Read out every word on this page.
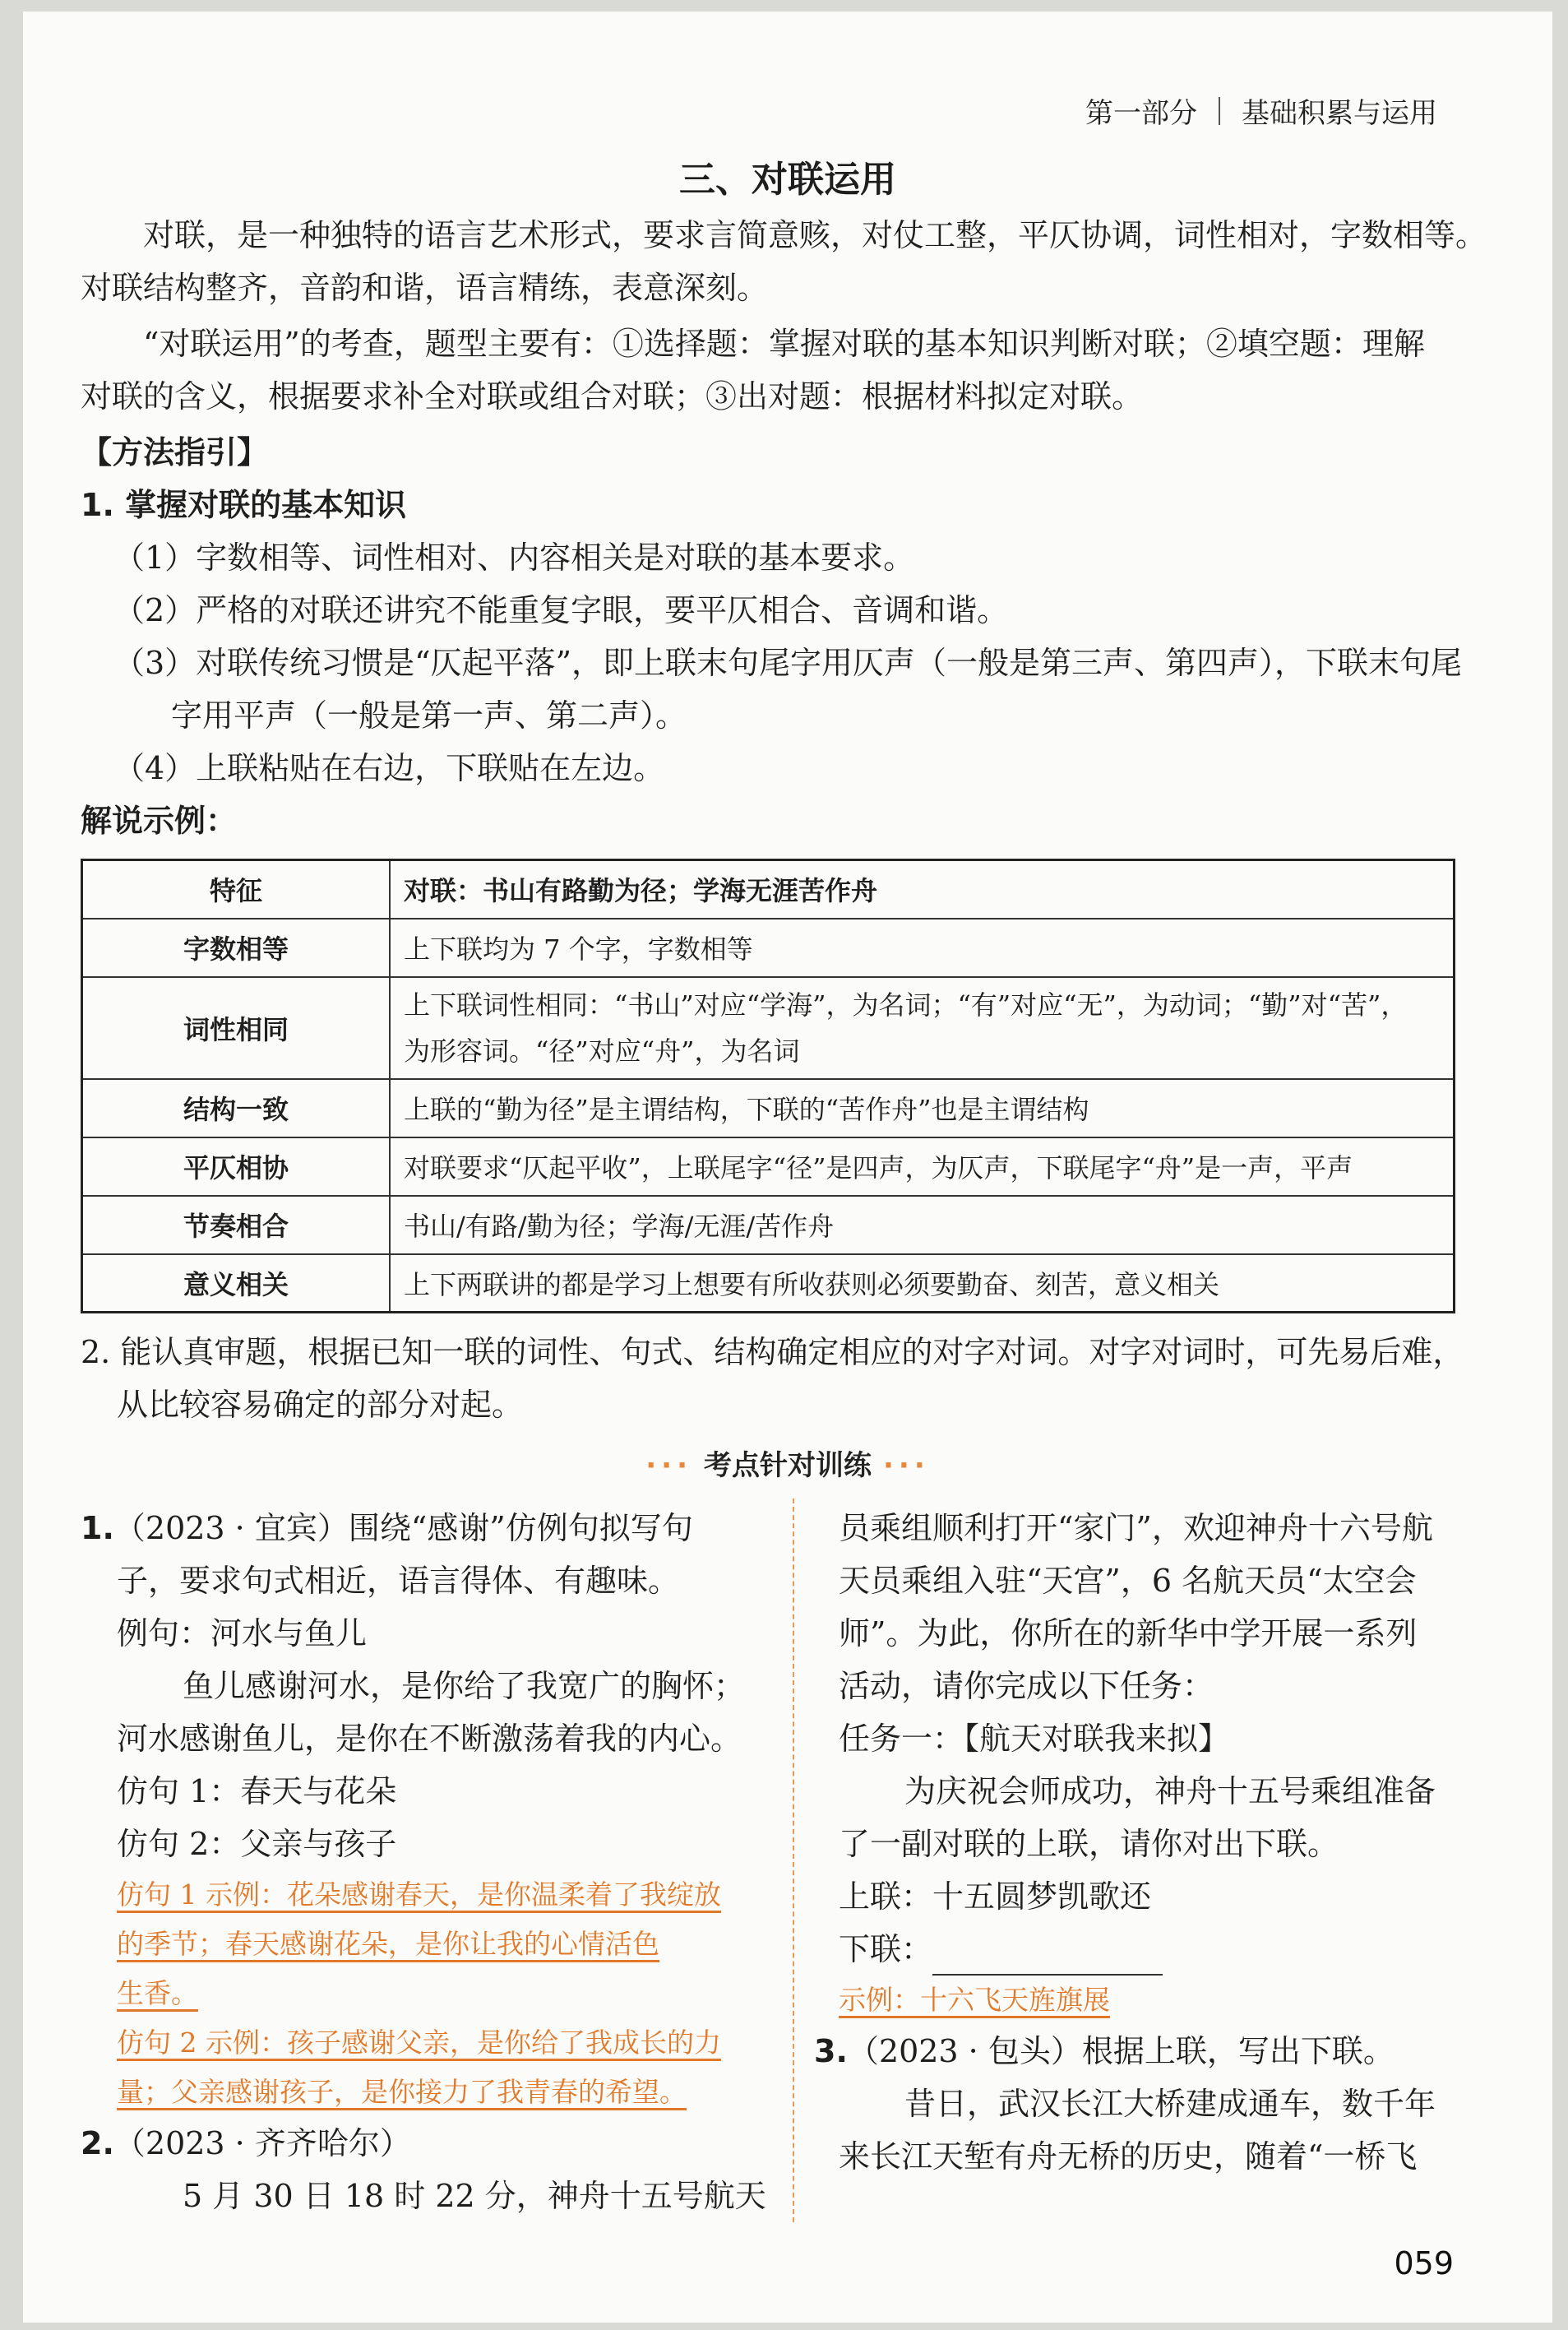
第一部分 基础积累与运用
三、对联运用
对联，是一种独特的语言艺术形式，要求言简意赅，对仗工整，平仄协调，词性相对，字数相等。
对联结构整齐，音韵和谐，语言精练，表意深刻。
“对联运用”的考查，题型主要有：①选择题：掌握对联的基本知识判断对联；②填空题：理解
对联的含义，根据要求补全对联或组合对联；③出对题：根据材料拟定对联。
【方法指引】
1. 掌握对联的基本知识
（1）字数相等、词性相对、内容相关是对联的基本要求。
（2）严格的对联还讲究不能重复字眼，要平仄相合、音调和谐。
（3）对联传统习惯是“仄起平落”，即上联末句尾字用仄声（一般是第三声、第四声），下联末句尾
字用平声（一般是第一声、第二声）。
（4）上联粘贴在右边，下联贴在左边。
解说示例：
特征	对联：书山有路勤为径；学海无涯苦作舟
字数相等	上下联均为 7 个字，字数相等
词性相同	上下联词性相同：“书山”对应“学海”，为名词；“有”对应“无”，为动词；“勤”对“苦”，
为形容词。“径”对应“舟”，为名词

结构一致	上联的“勤为径”是主谓结构，下联的“苦作舟”也是主谓结构
平仄相协	对联要求“仄起平收”，上联尾字“径”是四声，为仄声，下联尾字“舟”是一声，平声
节奏相合	书山/有路/勤为径；学海/无涯/苦作舟
意义相关	上下两联讲的都是学习上想要有所收获则必须要勤奋、刻苦，意义相关
2. 能认真审题，根据已知一联的词性、句式、结构确定相应的对字对词。对字对词时，可先易后难，
从比较容易确定的部分对起。
··· 考点针对训练 ···
1.（2023 · 宜宾）围绕“感谢”仿例句拟写句
子，要求句式相近，语言得体、有趣味。
例句：河水与鱼儿
鱼儿感谢河水，是你给了我宽广的胸怀；
河水感谢鱼儿，是你在不断激荡着我的内心。
仿句 1：春天与花朵
仿句 2：父亲与孩子
仿句 1 示例：花朵感谢春天，是你温柔着了我绽放
的季节；春天感谢花朵，是你让我的心情活色
生香。
仿句 2 示例：孩子感谢父亲，是你给了我成长的力
量；父亲感谢孩子，是你接力了我青春的希望。
2.（2023 · 齐齐哈尔）
5 月 30 日 18 时 22 分，神舟十五号航天
员乘组顺利打开“家门”，欢迎神舟十六号航
天员乘组入驻“天宫”，6 名航天员“太空会
师”。为此，你所在的新华中学开展一系列
活动，请你完成以下任务：
任务一：【航天对联我来拟】
为庆祝会师成功，神舟十五号乘组准备
了一副对联的上联，请你对出下联。
上联：十五圆梦凯歌还
下联：
示例：十六飞天旌旗展
3.（2023 · 包头）根据上联，写出下联。
昔日，武汉长江大桥建成通车，数千年
来长江天堑有舟无桥的历史，随着“一桥飞
059
